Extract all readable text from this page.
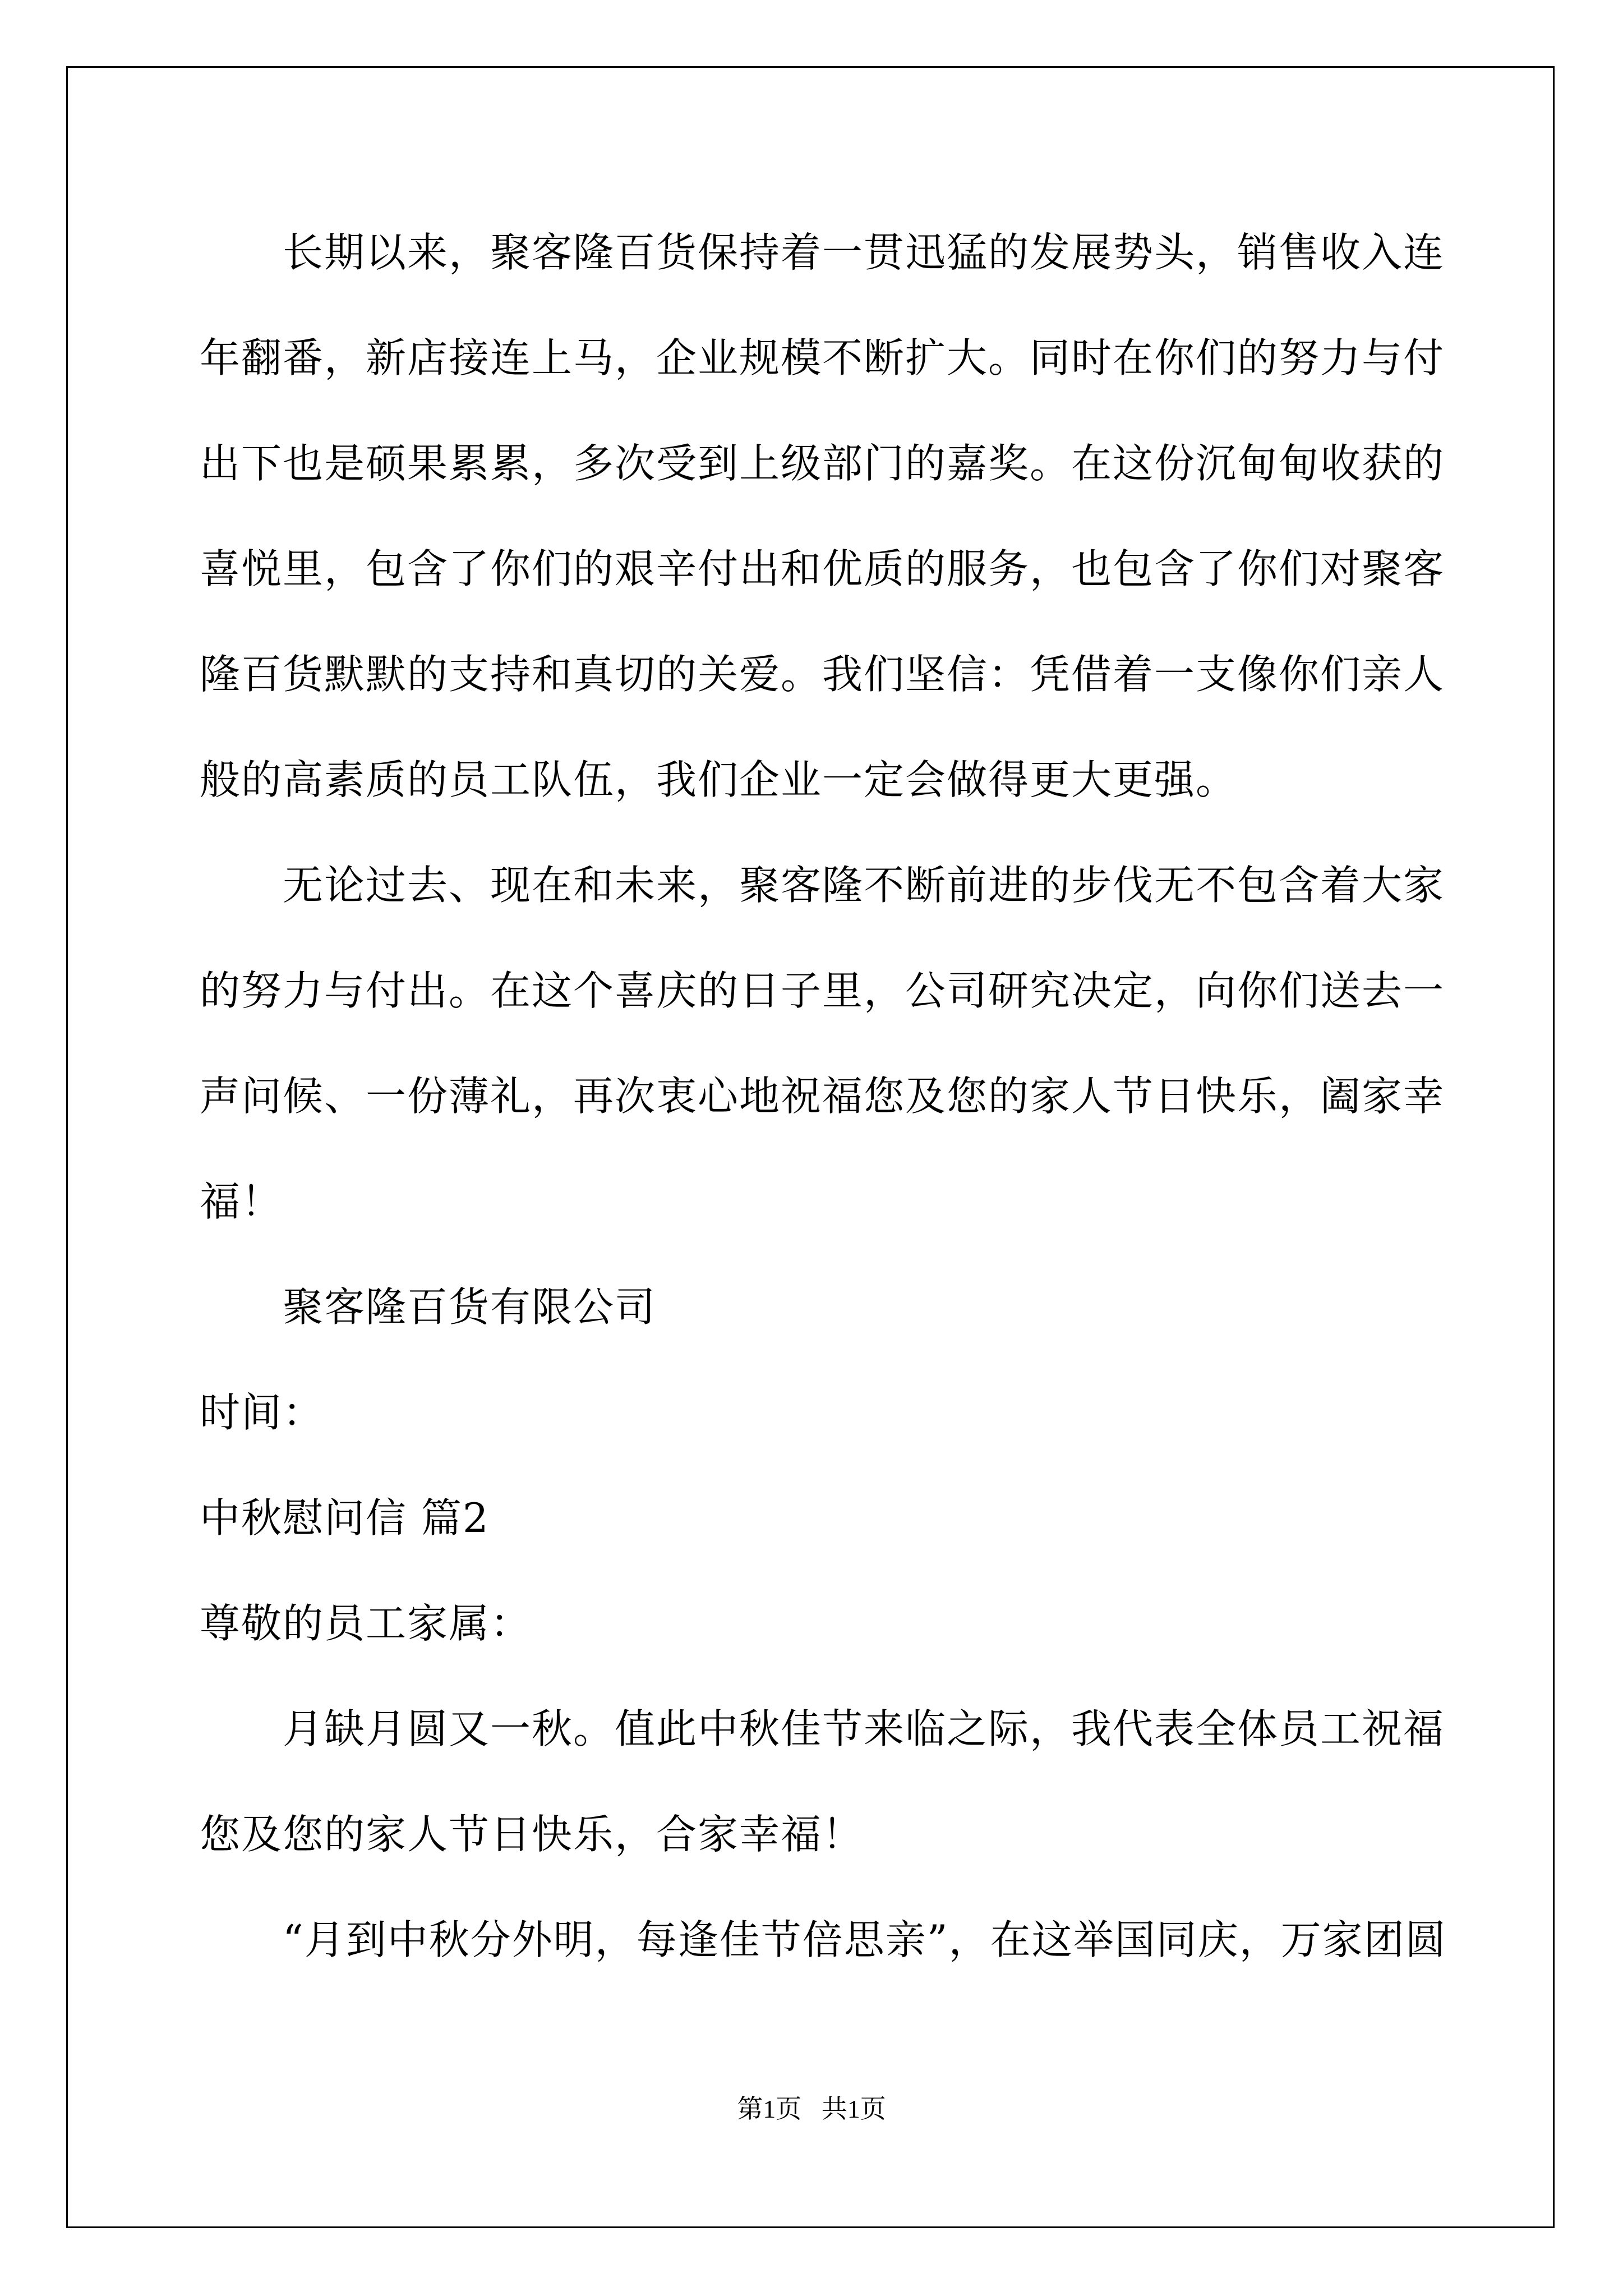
长期以来，聚客隆百货保持着一贯迅猛的发展势头，销售收入连
年翻番，新店接连上马，企业规模不断扩大。同时在你们的努力与付
出下也是硕果累累，多次受到上级部门的嘉奖。在这份沉甸甸收获的
喜悦里，包含了你们的艰辛付出和优质的服务，也包含了你们对聚客
隆百货默默的支持和真切的关爱。我们坚信：凭借着一支像你们亲人
般的高素质的员工队伍，我们企业一定会做得更大更强。
无论过去、现在和未来，聚客隆不断前进的步伐无不包含着大家
的努力与付出。在这个喜庆的日子里，公司研究决定，向你们送去一
声问候、一份薄礼，再次衷心地祝福您及您的家人节日快乐，阖家幸
福！
聚客隆百货有限公司
时间：
中秋慰问信 篇2
尊敬的员工家属：
月缺月圆又一秋。值此中秋佳节来临之际，我代表全体员工祝福
您及您的家人节日快乐，合家幸福！
“月到中秋分外明，每逢佳节倍思亲”，在这举国同庆，万家团圆
第1页 共1页
